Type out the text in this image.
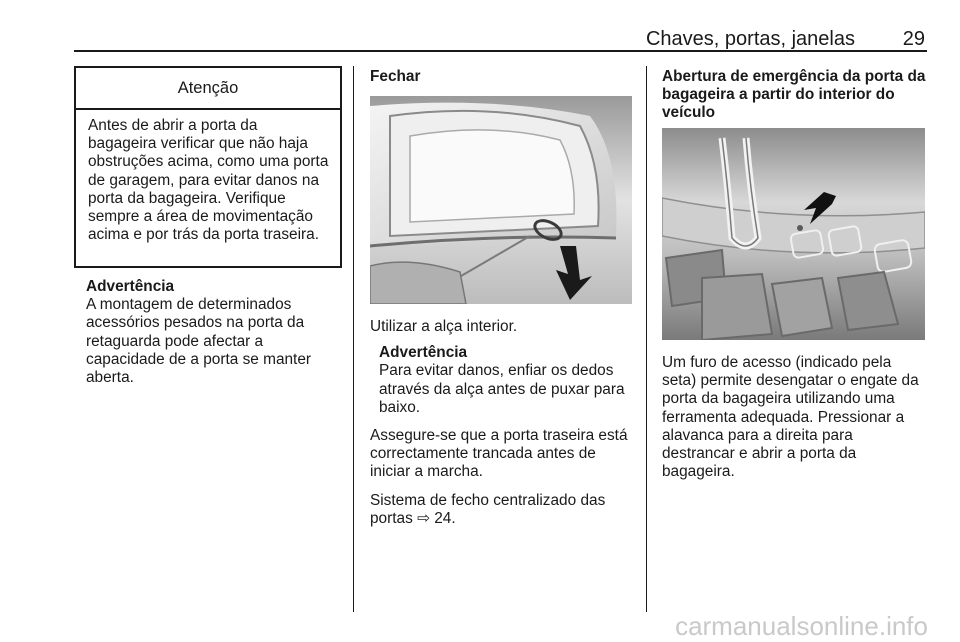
Chaves, portas, janelas 29
Atenção
Antes de abrir a porta da bagageira verificar que não haja obstruções acima, como uma porta de garagem, para evitar danos na porta da bagageira. Verifique sempre a área de movimentação acima e por trás da porta traseira.

Advertência

A montagem de determinados acessórios pesados na porta da retaguarda pode afectar a capacidade de a porta se manter aberta.

Fechar

Utilizar a alça interior.

Advertência

Para evitar danos, enfiar os dedos através da alça antes de puxar para baixo.

Assegure-se que a porta traseira está correctamente trancada antes de iniciar a marcha.

Sistema de fecho centralizado das portas ⇨ 24.

Abertura de emergência da porta da bagageira a partir do interior do veículo

Um furo de acesso (indicado pela seta) permite desengatar o engate da porta da bagageira utilizando uma ferramenta adequada. Pressionar a alavanca para a direita para destrancar e abrir a porta da bagageira.

carmanualsonline.info
